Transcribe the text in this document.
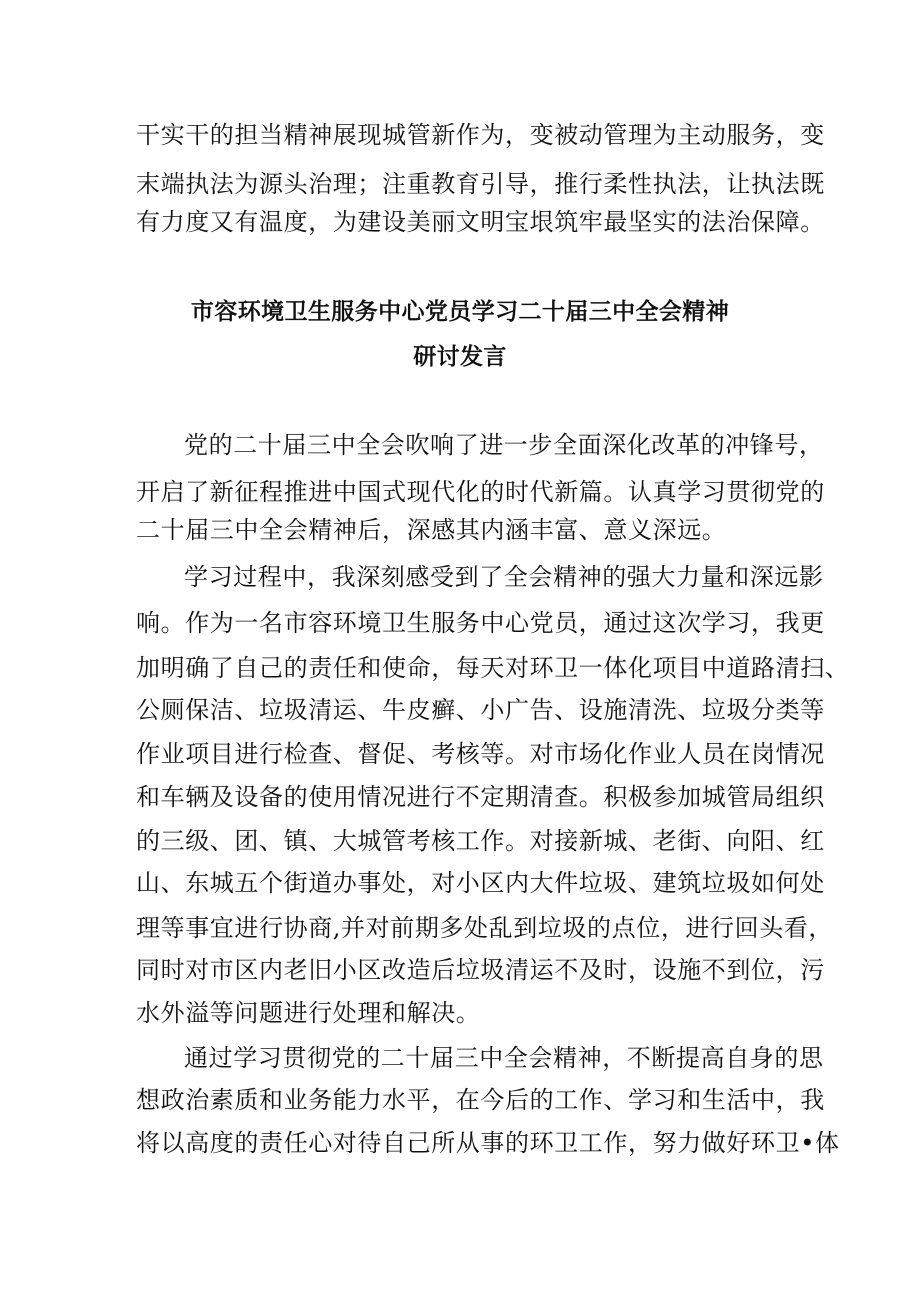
干实干的担当精神展现城管新作为，变被动管理为主动服务，变
末端执法为源头治理；注重教育引导，推行柔性执法，让执法既
有力度又有温度，为建设美丽文明宝垠筑牢最坚实的法治保障。
市容环境卫生服务中心党员学习二十届三中全会精神
研讨发言
党的二十届三中全会吹响了进一步全面深化改革的冲锋号，
开启了新征程推进中国式现代化的时代新篇。认真学习贯彻党的
二十届三中全会精神后，深感其内涵丰富、意义深远。
学习过程中，我深刻感受到了全会精神的强大力量和深远影
响。作为一名市容环境卫生服务中心党员，通过这次学习，我更
加明确了自己的责任和使命，每天对环卫一体化项目中道路清扫、
公厕保洁、垃圾清运、牛皮癣、小广告、设施清洗、垃圾分类等
作业项目进行检查、督促、考核等。对市场化作业人员在岗情况
和车辆及设备的使用情况进行不定期清查。积极参加城管局组织
的三级、团、镇、大城管考核工作。对接新城、老街、向阳、红
山、东城五个街道办事处，对小区内大件垃圾、建筑垃圾如何处
理等事宜进行协商,并对前期多处乱到垃圾的点位，进行回头看，
同时对市区内老旧小区改造后垃圾清运不及时，设施不到位，污
水外溢等问题进行处理和解决。
通过学习贯彻党的二十届三中全会精神，不断提高自身的思
想政治素质和业务能力水平，在今后的工作、学习和生活中，我
将以高度的责任心对待自己所从事的环卫工作，努力做好环卫•体
